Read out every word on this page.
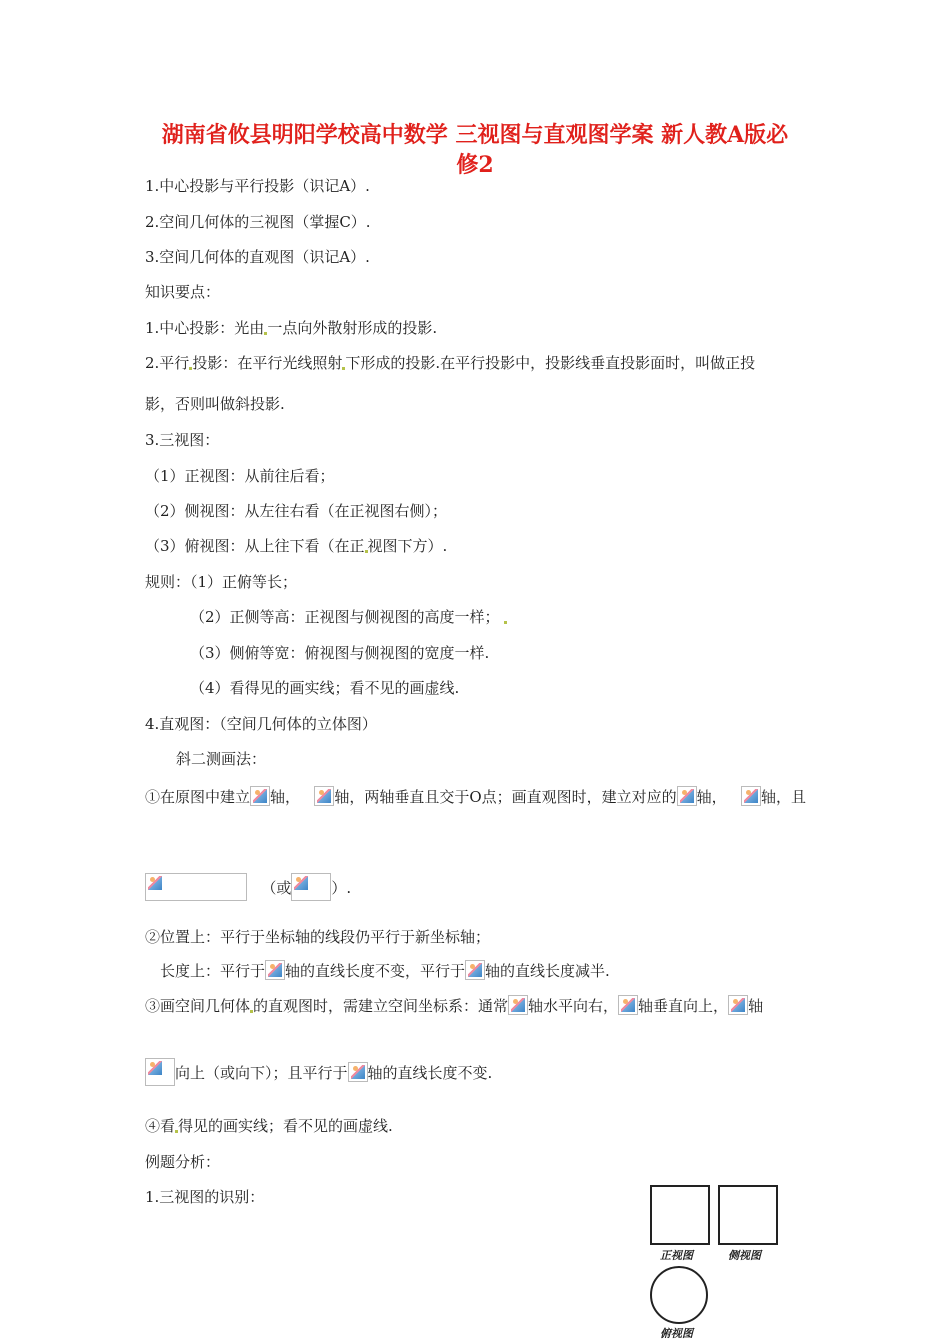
湖南省攸县明阳学校高中数学 三视图与直观图学案 新人教A版必
修2
1.中心投影与平行投影（识记A）.
2.空间几何体的三视图（掌握C）.
3.空间几何体的直观图（识记A）.
知识要点：
1.中心投影：光由 一点向外散射形成的投影.
2.平行 投影：在平行光线照射 下形成的投影.在平行投影中，投影线垂直投影面时，叫做正投
影，否则叫做斜投影.
3.三视图：
（1）正视图：从前往后看；
（2）侧视图：从左往右看（在正视图右侧）；
（3）俯视图：从上往下看（在正 视图下方）.
规则：（1）正俯等长；
（2）正侧等高：正视图与侧视图的高度一样；
（3）侧俯等宽：俯视图与侧视图的宽度一样.
（4）看得见的画实线；看不见的画虚线.
4.直观图：（空间几何体的立体图）
斜二测画法：
①在原图中建立 轴， 轴，两轴垂直且交于O点；画直观图时，建立对应的 轴， 轴，且
（或	）.
②位置上：平行于坐标轴的线段仍平行于新坐标轴；
长度上：平行于 轴的直线长度不变，平行于 轴的直线长度减半.
③画空间几何体 的直观图时，需建立空间坐标系：通常 轴水平向右， 轴垂直向上， 轴
向上（或向下）；且平行于 轴的直线长度不变.
④看 得见的画实线；看不见的画虚线.
例题分析：
1.三视图的识别：
正视图	侧视图
俯视图
